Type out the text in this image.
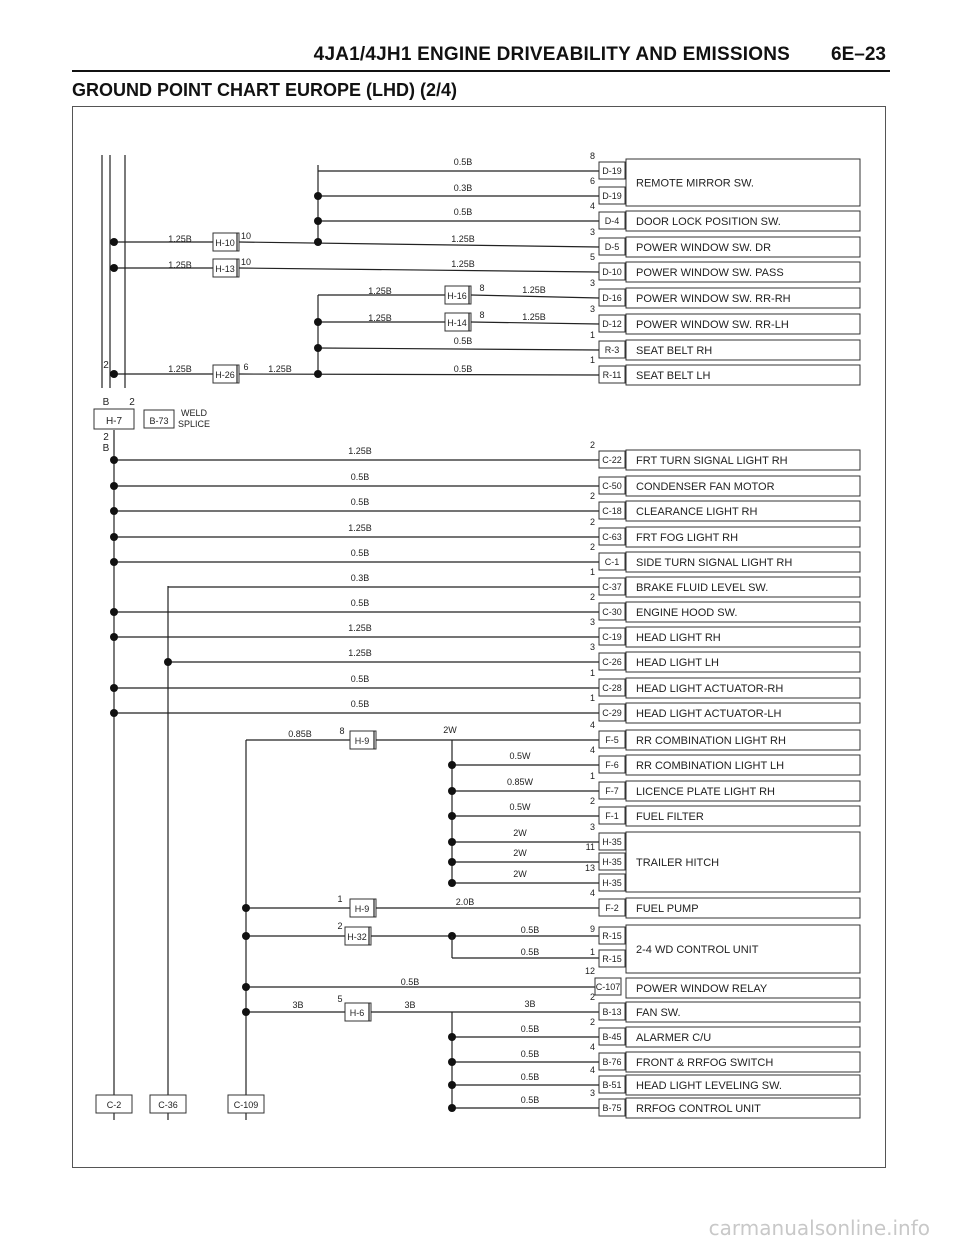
4JA1/4JH1 ENGINE DRIVEABILITY AND EMISSIONS 6E–23
GROUND POINT CHART EUROPE (LHD) (2/4)
D-19
8
REMOTE MIRROR SW.
D-19
6
D-4
4
DOOR LOCK POSITION SW.
D-5
3
POWER WINDOW SW. DR
D-10
5
POWER WINDOW SW. PASS
D-16
3
POWER WINDOW SW. RR-RH
D-12
3
POWER WINDOW SW. RR-LH
R-3
1
SEAT BELT RH
R-11
1
SEAT BELT LH
0.5B
0.3B
0.5B
H-10
1.25B	10	1.25B
H-13
1.25B	10	1.25B
H-16
1.25B	8	1.25B
H-14
1.25B	8	1.25B
0.5B
H-26
1.25B	6 1.25B	0.5B
2
B 2
H-7
2
B
B-73
WELD
SPLICE
C-22
2
FRT TURN SIGNAL LIGHT RH
1.25B
C-50 CONDENSER FAN MOTOR
0.5B
C-18
2
CLEARANCE LIGHT RH
0.5B
C-63
2
FRT FOG LIGHT RH
1.25B
C-1
2
SIDE TURN SIGNAL LIGHT RH
0.5B
C-37
1
BRAKE FLUID LEVEL SW.
0.3B
C-30
2
ENGINE HOOD SW.
0.5B
C-19
3
HEAD LIGHT RH
1.25B
C-26
3
HEAD LIGHT LH
1.25B
C-28
1
HEAD LIGHT ACTUATOR-RH
0.5B
C-29
1
HEAD LIGHT ACTUATOR-LH
0.5B
H-9
0.85B	8	2W
F-5
4
F-6
4
0.5W
F-7
1
0.85W
F-1
2
0.5W
H-35
3
2W
H-35
11
2W
H-35
13
2W
RR COMBINATION LIGHT RH
RR COMBINATION LIGHT LH
LICENCE PLATE LIGHT RH
FUEL FILTER
TRAILER HITCH
H-9
1	2.0B
F-2
4
FUEL PUMP
H-32
2
R-15
R-15
9
1
0.5B
0.5B	2-4 WD CONTROL UNIT
0.5B	C-107
12
POWER WINDOW RELAY
H-6
3B
5
3B
B-13
2
FAN SW.
3B
B-45
2
ALARMER C/U
0.5B
B-76
4
FRONT & RRFOG SWITCH
0.5B
B-51
4
HEAD LIGHT LEVELING SW.
0.5B
B-75
3
RRFOG CONTROL UNIT
0.5B
C-2	C-36	C-109
carmanualsonline.info
